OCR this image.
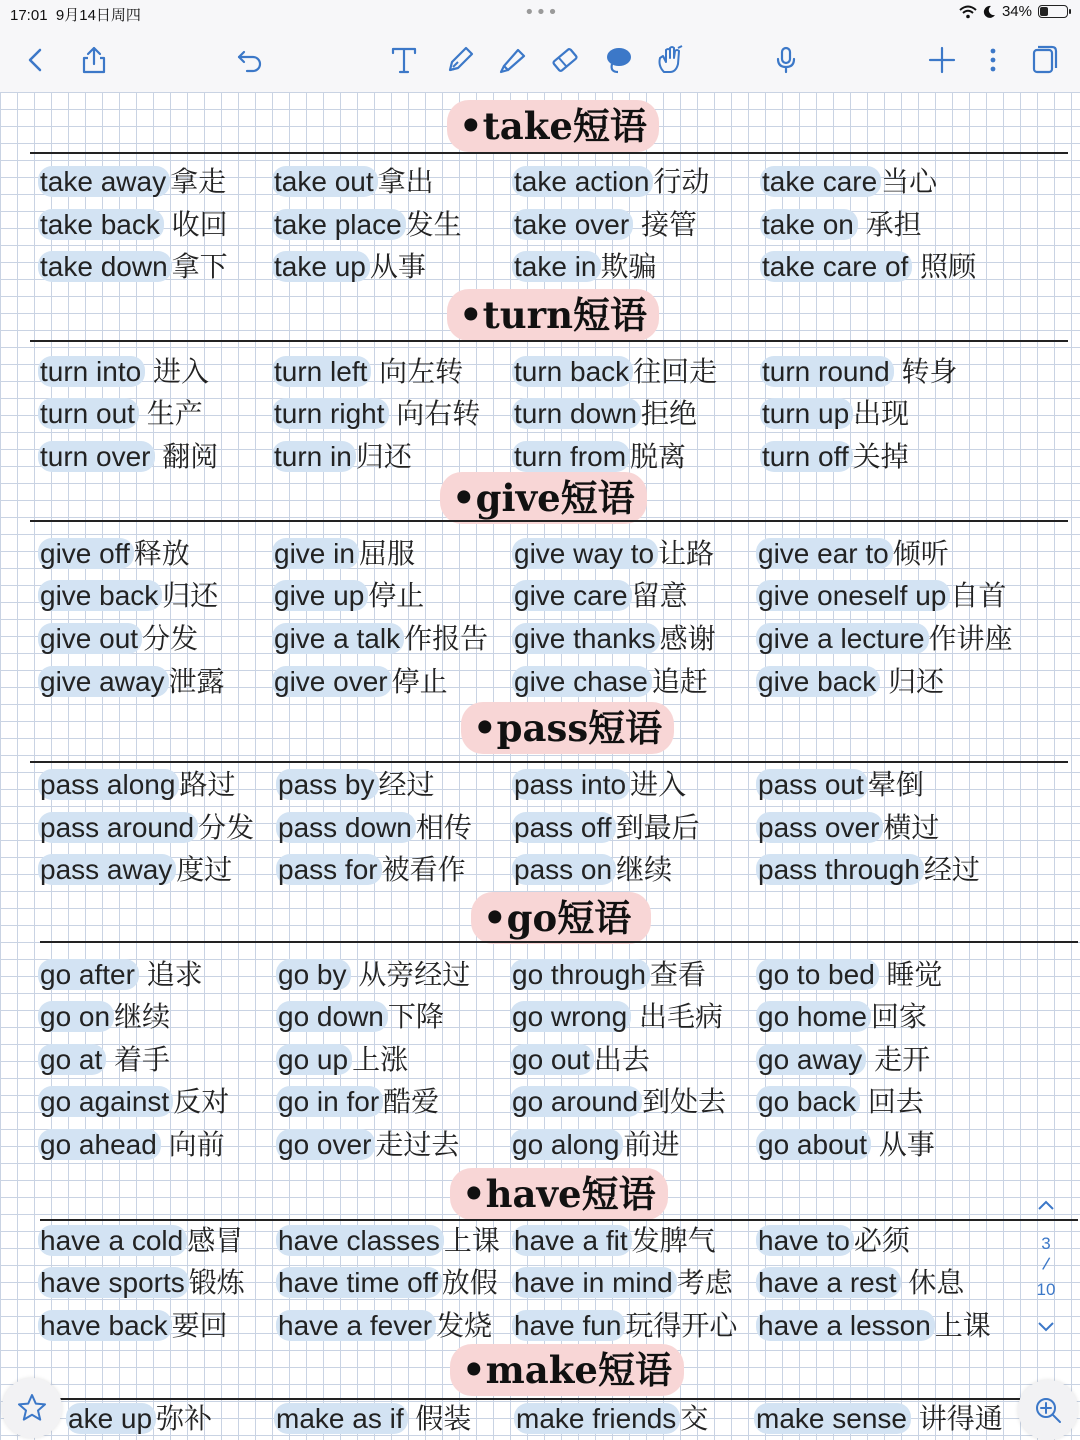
17:01 9月14日周四	•••	34%
•take短语
take away 拿走 take out 拿出	take action 行动 take care 当心
take back 收回 take place 发生 take over 接管 take on 承担
take down 拿下 take up 从事	take in 欺骗	take care of 照顾
•turn短语
turn into 进入 turn left 向左转 turn back 往回走 turn round 转身
turn out 生产	turn right 向右转 turn down 拒绝 turn up 出现
turn over 翻阅 turn in 归还	turn from 脱离	turn off 关掉
•give短语
give off 释放	give in 屈服	give way to 让路 give ear to 倾听
give back 归还 give up 停止	give care 留意	give oneself up 自首
give out 分发	give a talk 作报告 give thanks 感谢 give a lecture 作讲座
give away 泄露 give over 停止 give chase 追赶 give back 归还
•pass短语
pass along 路过 pass by 经过	pass into 进入	pass out 晕倒
pass around 分发 pass down 相传 pass off 到最后 pass over 横过
pass away 度过 pass for 被看作 pass on 继续	pass through 经过
•go短语
go after 追求	go by 从旁经过 go through 查看 go to bed 睡觉
go on 继续	go down 下降 go wrong 出毛病 go home 回家
go at 着手	go up 上涨	go out 出去	go away 走开
go against 反对 go in for 酷爱	go around 到处去 go back 回去
go ahead 向前 go over 走过去 go along 前进	go about 从事
•have短语
have a cold 感冒 have classes 上课 have a fit 发脾气 have to 必须
have sports 锻炼 have time off 放假 have in mind 考虑 have a rest 休息
have back 要回 have a fever 发烧 have fun 玩得开心 have a lesson 上课
•make短语
ake up 弥补 make as if 假装 make friends 交 make sense 讲得通
3
/
10
